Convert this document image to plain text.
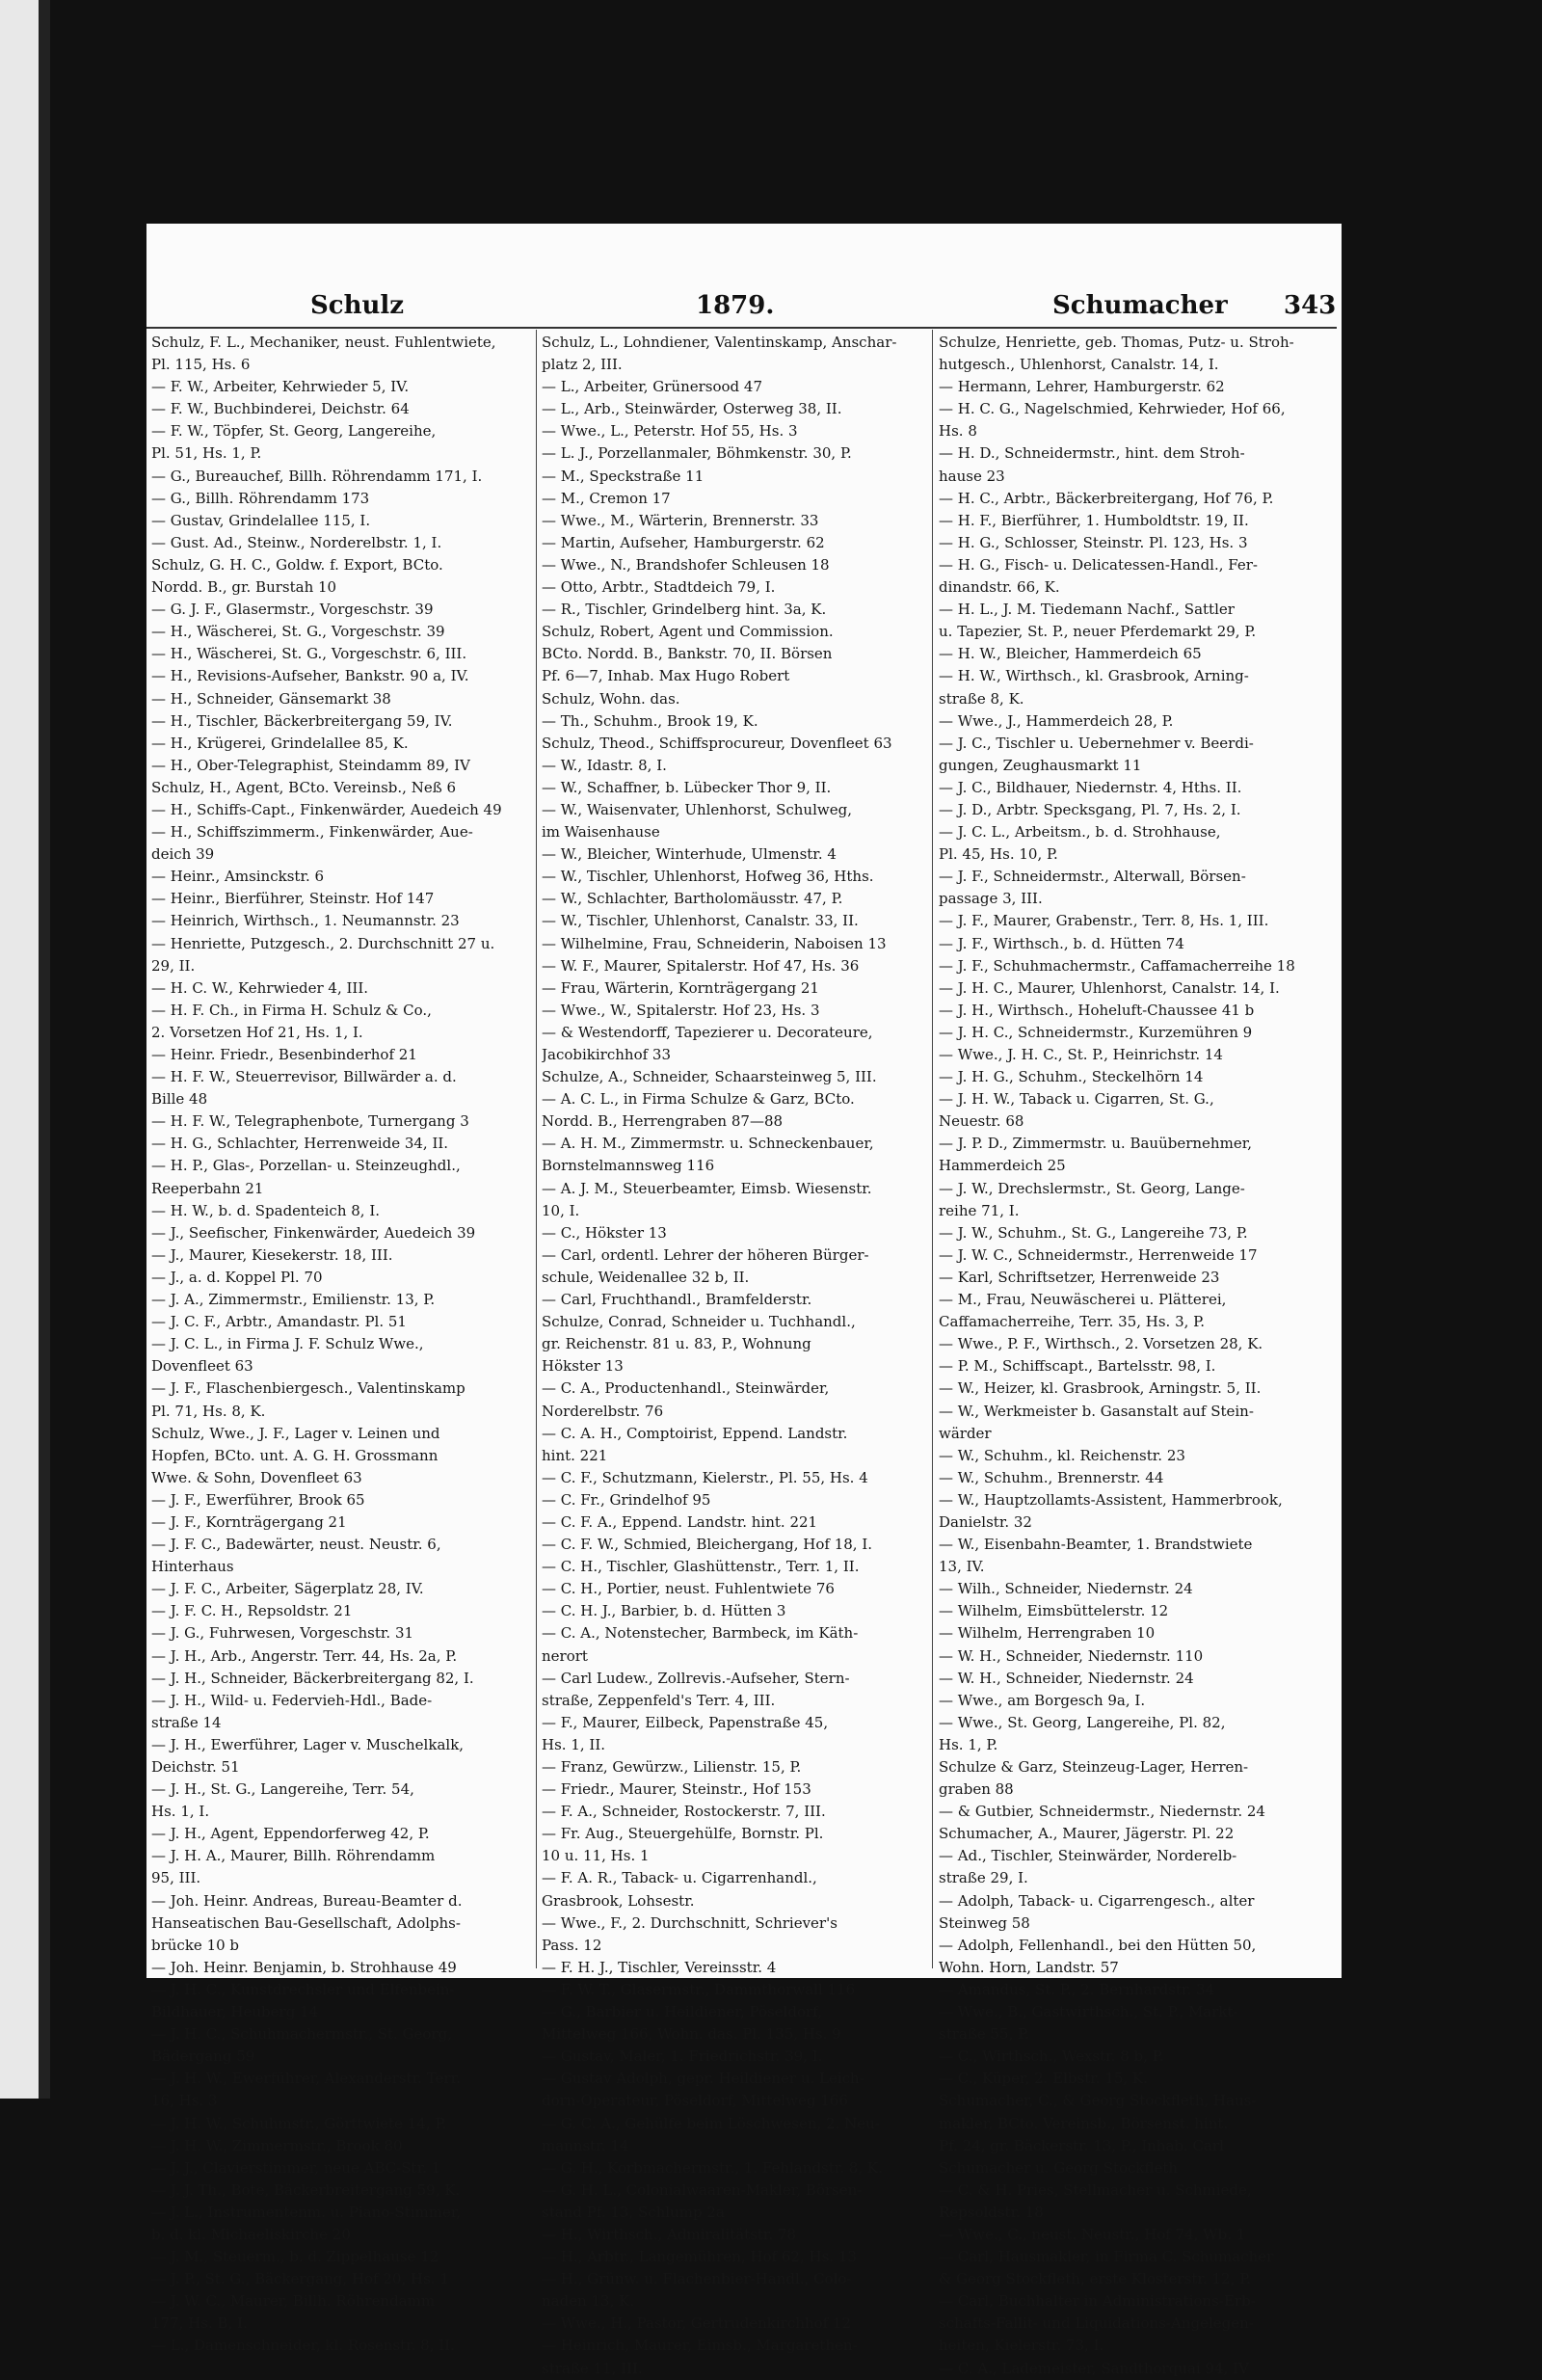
Schulz	1879.	Schumacher 343
Schulz, F. L., Mechaniker, neust. Fuhlentwiete,
Pl. 115, Hs. 6
— F. W., Arbeiter, Kehrwieder 5, IV.
— F. W., Buchbinderei, Deichstr. 64
— F. W., Töpfer, St. Georg, Langereihe,
Pl. 51, Hs. 1, P.
— G., Bureauchef, Billh. Röhrendamm 171, I.
— G., Billh. Röhrendamm 173
— Gustav, Grindelallee 115, I.
— Gust. Ad., Steinw., Norderelbstr. 1, I.
Schulz, G. H. C., Goldw. f. Export, BCto.
Nordd. B., gr. Burstah 10
— G. J. F., Glasermstr., Vorgeschstr. 39
— H., Wäscherei, St. G., Vorgeschstr. 39
— H., Wäscherei, St. G., Vorgeschstr. 6, III.
— H., Revisions-Aufseher, Bankstr. 90 a, IV.
— H., Schneider, Gänsemarkt 38
— H., Tischler, Bäckerbreitergang 59, IV.
— H., Krügerei, Grindelallee 85, K.
— H., Ober-Telegraphist, Steindamm 89, IV
Schulz, H., Agent, BCto. Vereinsb., Neß 6
— H., Schiffs-Capt., Finkenwärder, Auedeich 49
— H., Schiffszimmerm., Finkenwärder, Aue-
deich 39
— Heinr., Amsinckstr. 6
— Heinr., Bierführer, Steinstr. Hof 147
— Heinrich, Wirthsch., 1. Neumannstr. 23
— Henriette, Putzgesch., 2. Durchschnitt 27 u.
29, II.
— H. C. W., Kehrwieder 4, III.
— H. F. Ch., in Firma H. Schulz & Co.,
2. Vorsetzen Hof 21, Hs. 1, I.
— Heinr. Friedr., Besenbinderhof 21
— H. F. W., Steuerrevisor, Billwärder a. d.
Bille 48
— H. F. W., Telegraphenbote, Turnergang 3
— H. G., Schlachter, Herrenweide 34, II.
— H. P., Glas-, Porzellan- u. Steinzeughdl.,
Reeperbahn 21
— H. W., b. d. Spadenteich 8, I.
— J., Seefischer, Finkenwärder, Auedeich 39
— J., Maurer, Kiesekerstr. 18, III.
— J., a. d. Koppel Pl. 70
— J. A., Zimmermstr., Emilienstr. 13, P.
— J. C. F., Arbtr., Amandastr. Pl. 51
— J. C. L., in Firma J. F. Schulz Wwe.,
Dovenfleet 63
— J. F., Flaschenbiergesch., Valentinskamp
Pl. 71, Hs. 8, K.
Schulz, Wwe., J. F., Lager v. Leinen und
Hopfen, BCto. unt. A. G. H. Grossmann
Wwe. & Sohn, Dovenfleet 63
— J. F., Ewerführer, Brook 65
— J. F., Kornträgergang 21
— J. F. C., Badewärter, neust. Neustr. 6,
Hinterhaus
— J. F. C., Arbeiter, Sägerplatz 28, IV.
— J. F. C. H., Repsoldstr. 21
— J. G., Fuhrwesen, Vorgeschstr. 31
— J. H., Arb., Angerstr. Terr. 44, Hs. 2a, P.
— J. H., Schneider, Bäckerbreitergang 82, I.
— J. H., Wild- u. Federvieh-Hdl., Bade-
straße 14
— J. H., Ewerführer, Lager v. Muschelkalk,
Deichstr. 51
— J. H., St. G., Langereihe, Terr. 54,
Hs. 1, I.
— J. H., Agent, Eppendorferweg 42, P.
— J. H. A., Maurer, Billh. Röhrendamm
95, III.
— Joh. Heinr. Andreas, Bureau-Beamter d.
Hanseatischen Bau-Gesellschaft, Adolphs-
brücke 10 b
— Joh. Heinr. Benjamin, b. Strohhause 49
— J. H. C., Kunstdrechsler und Elfenbein-
Bildhauer, Heuberg 14
— J. H. C., Schuhmachermstr., St. Georg,
Bädergang 59
— J. H. W., Ewerführer, Alexanderstr. Terr.
16, Hs. 3
— J. H. W., Schuhmstr., Görttwiete 14, P.
— J. H. W., Zimmermstr., Brook 80
— J. J., Clavierstimmer, neue ABC-Str. 1
— J. J. Th., Bote, Bäckerbreitergang 59, K.
— J. L., Instrumentenm. u. Piano-Stimmer,
b. d. kl. Michaeliskirche 20
— J. M., Steuerm., b. d. Zippelhause 12
— J. P., St. G., Bäckergang, Hof 20, Hs. 1
— J. W. C., Maurer, Billh. Röhrendamm
177, Hs. B, I.
— L., Damenschneider, kl. Rosenstr. 8, II.
Schulz, L., Lohndiener, Valentinskamp, Anschar-
platz 2, III.
— L., Arbeiter, Grünersood 47
— L., Arb., Steinwärder, Osterweg 38, II.
— Wwe., L., Peterstr. Hof 55, Hs. 3
— L. J., Porzellanmaler, Böhmkenstr. 30, P.
— M., Speckstraße 11
— M., Cremon 17
— Wwe., M., Wärterin, Brennerstr. 33
— Martin, Aufseher, Hamburgerstr. 62
— Wwe., N., Brandshofer Schleusen 18
— Otto, Arbtr., Stadtdeich 79, I.
— R., Tischler, Grindelberg hint. 3a, K.
Schulz, Robert, Agent und Commission.
BCto. Nordd. B., Bankstr. 70, II. Börsen
Pf. 6—7, Inhab. Max Hugo Robert
Schulz, Wohn. das.
— Th., Schuhm., Brook 19, K.
Schulz, Theod., Schiffsprocureur, Dovenfleet 63
— W., Idastr. 8, I.
— W., Schaffner, b. Lübecker Thor 9, II.
— W., Waisenvater, Uhlenhorst, Schulweg,
im Waisenhause
— W., Bleicher, Winterhude, Ulmenstr. 4
— W., Tischler, Uhlenhorst, Hofweg 36, Hths.
— W., Schlachter, Bartholomäusstr. 47, P.
— W., Tischler, Uhlenhorst, Canalstr. 33, II.
— Wilhelmine, Frau, Schneiderin, Naboisen 13
— W. F., Maurer, Spitalerstr. Hof 47, Hs. 36
— Frau, Wärterin, Kornträgergang 21
— Wwe., W., Spitalerstr. Hof 23, Hs. 3
— & Westendorff, Tapezierer u. Decorateure,
Jacobikirchhof 33
Schulze, A., Schneider, Schaarsteinweg 5, III.
— A. C. L., in Firma Schulze & Garz, BCto.
Nordd. B., Herrengraben 87—88
— A. H. M., Zimmermstr. u. Schneckenbauer,
Bornstelmannsweg 116
— A. J. M., Steuerbeamter, Eimsb. Wiesenstr.
10, I.
— C., Hökster 13
— Carl, ordentl. Lehrer der höheren Bürger-
schule, Weidenallee 32 b, II.
— Carl, Fruchthandl., Bramfelderstr.
Schulze, Conrad, Schneider u. Tuchhandl.,
gr. Reichenstr. 81 u. 83, P., Wohnung
Hökster 13
— C. A., Productenhandl., Steinwärder,
Norderelbstr. 76
— C. A. H., Comptoirist, Eppend. Landstr.
hint. 221
— C. F., Schutzmann, Kielerstr., Pl. 55, Hs. 4
— C. Fr., Grindelhof 95
— C. F. A., Eppend. Landstr. hint. 221
— C. F. W., Schmied, Bleichergang, Hof 18, I.
— C. H., Tischler, Glashüttenstr., Terr. 1, II.
— C. H., Portier, neust. Fuhlentwiete 76
— C. H. J., Barbier, b. d. Hütten 3
— C. A., Notenstecher, Barmbeck, im Käth-
nerort
— Carl Ludew., Zollrevis.-Aufseher, Stern-
straße, Zeppenfeld's Terr. 4, III.
— F., Maurer, Eilbeck, Papenstraße 45,
Hs. 1, II.
— Franz, Gewürzw., Lilienstr. 15, P.
— Friedr., Maurer, Steinstr., Hof 153
— F. A., Schneider, Rostockerstr. 7, III.
— Fr. Aug., Steuergehülfe, Bornstr. Pl.
10 u. 11, Hs. 1
— F. A. R., Taback- u. Cigarrenhandl.,
Grasbrook, Lohsestr.
— Wwe., F., 2. Durchschnitt, Schriever's
Pass. 12
— F. H. J., Tischler, Vereinsstr. 4
— F. W. T., Glasermstr., Dammthorwall 116
— G., Barbier u. Heildiener, Pöseldorf,
Mittelweg 166, Wohn. das. Pl. 135, Hs. 9
— Gustav, Maler, 1. Friedrichstr. 39, I.
— Gustav Adolph, gepr. Heildiener u. Leich-
dorn-Operateur, Pöseldorf, Mittelweg 166
— G. C. A., Gehülfe beim Löschwesen, 2. Neu-
mannstr. 14
— G. H., Korbmachermstr., 1. Fehlandstr. 8, K.
— G. H. L., Colonialwaaren-Makler, Börsen-
stand Pf. 13, Schlump 2a
— H., Wirthsch., Admiralitätstr. 78
— H., Arbtr., Langemühren, Hof 62, Hs. 13
— H., Grünw. u. Flachenbier-Handl., Colo-
naden 13, K.
— Wwe., H., Pastor, Gertrudenkirchhof 12
— Heinrich, Maurer, Eimsb., Margarethen-
straße 11, III.
Schulze, Henriette, geb. Thomas, Putz- u. Stroh-
hutgesch., Uhlenhorst, Canalstr. 14, I.
— Hermann, Lehrer, Hamburgerstr. 62
— H. C. G., Nagelschmied, Kehrwieder, Hof 66,
Hs. 8
— H. D., Schneidermstr., hint. dem Stroh-
hause 23
— H. C., Arbtr., Bäckerbreitergang, Hof 76, P.
— H. F., Bierführer, 1. Humboldtstr. 19, II.
— H. G., Schlosser, Steinstr. Pl. 123, Hs. 3
— H. G., Fisch- u. Delicatessen-Handl., Fer-
dinandstr. 66, K.
— H. L., J. M. Tiedemann Nachf., Sattler
u. Tapezier, St. P., neuer Pferdemarkt 29, P.
— H. W., Bleicher, Hammerdeich 65
— H. W., Wirthsch., kl. Grasbrook, Arning-
straße 8, K.
— Wwe., J., Hammerdeich 28, P.
— J. C., Tischler u. Uebernehmer v. Beerdi-
gungen, Zeughausmarkt 11
— J. C., Bildhauer, Niedernstr. 4, Hths. II.
— J. D., Arbtr. Specksgang, Pl. 7, Hs. 2, I.
— J. C. L., Arbeitsm., b. d. Strohhause,
Pl. 45, Hs. 10, P.
— J. F., Schneidermstr., Alterwall, Börsen-
passage 3, III.
— J. F., Maurer, Grabenstr., Terr. 8, Hs. 1, III.
— J. F., Wirthsch., b. d. Hütten 74
— J. F., Schuhmachermstr., Caffamacherreihe 18
— J. H. C., Maurer, Uhlenhorst, Canalstr. 14, I.
— J. H., Wirthsch., Hoheluft-Chaussee 41 b
— J. H. C., Schneidermstr., Kurzemühren 9
— Wwe., J. H. C., St. P., Heinrichstr. 14
— J. H. G., Schuhm., Steckelhörn 14
— J. H. W., Taback u. Cigarren, St. G.,
Neuestr. 68
— J. P. D., Zimmermstr. u. Bauübernehmer,
Hammerdeich 25
— J. W., Drechslermstr., St. Georg, Lange-
reihe 71, I.
— J. W., Schuhm., St. G., Langereihe 73, P.
— J. W. C., Schneidermstr., Herrenweide 17
— Karl, Schriftsetzer, Herrenweide 23
— M., Frau, Neuwäscherei u. Plätterei,
Caffamacherreihe, Terr. 35, Hs. 3, P.
— Wwe., P. F., Wirthsch., 2. Vorsetzen 28, K.
— P. M., Schiffscapt., Bartelsstr. 98, I.
— W., Heizer, kl. Grasbrook, Arningstr. 5, II.
— W., Werkmeister b. Gasanstalt auf Stein-
wärder
— W., Schuhm., kl. Reichenstr. 23
— W., Schuhm., Brennerstr. 44
— W., Hauptzollamts-Assistent, Hammerbrook,
Danielstr. 32
— W., Eisenbahn-Beamter, 1. Brandstwiete
13, IV.
— Wilh., Schneider, Niedernstr. 24
— Wilhelm, Eimsbüttelerstr. 12
— Wilhelm, Herrengraben 10
— W. H., Schneider, Niedernstr. 110
— W. H., Schneider, Niedernstr. 24
— Wwe., am Borgesch 9a, I.
— Wwe., St. Georg, Langereihe, Pl. 82,
Hs. 1, P.
Schulze & Garz, Steinzeug-Lager, Herren-
graben 88
— & Gutbier, Schneidermstr., Niedernstr. 24
Schumacher, A., Maurer, Jägerstr. Pl. 22
— Ad., Tischler, Steinwärder, Norderelb-
straße 29, I.
— Adolph, Taback- u. Cigarrengesch., alter
Steinweg 58
— Adolph, Fellenhandl., bei den Hütten 50,
Wohn. Horn, Landstr. 57
— Amandus, St. P., 2. Bernhardstr. 34
— Wwe., B., Gastwirthsch., St. P., Markt-
straße 55, P.
— C., Wirthsch., Wexstr. 8 b, P.
— C., Küper, 2. Elbstr. 15, K.
Schumacher, C., & Georg Stockfleth, Haus-
makler, BCto. Vereinsb., Börsenst. hint.
Pf. 24, gr. Bäckerstr. 13, P., Inhab. Carl
Schumacher u. Georg Stockfleth
— C. & H. Pries, Stellmacher u. Schmiede,
Repsoldstr. 18
— Wwe., C., neust. Neustr., Hof 74, Wb. 1
— Carl, Hausmakler, in Firma C. Schumacher
& Georg Stockfleth, erste Klosterstr. 12, P.
— Carl, Buchhalter in Administrations-Erb-
schafts-Fallit- und Liquidations-Angelegen-
heiten, Kielerstr. 73, I.
— C. A., Lademeister, Sandthorquai 94, IV
